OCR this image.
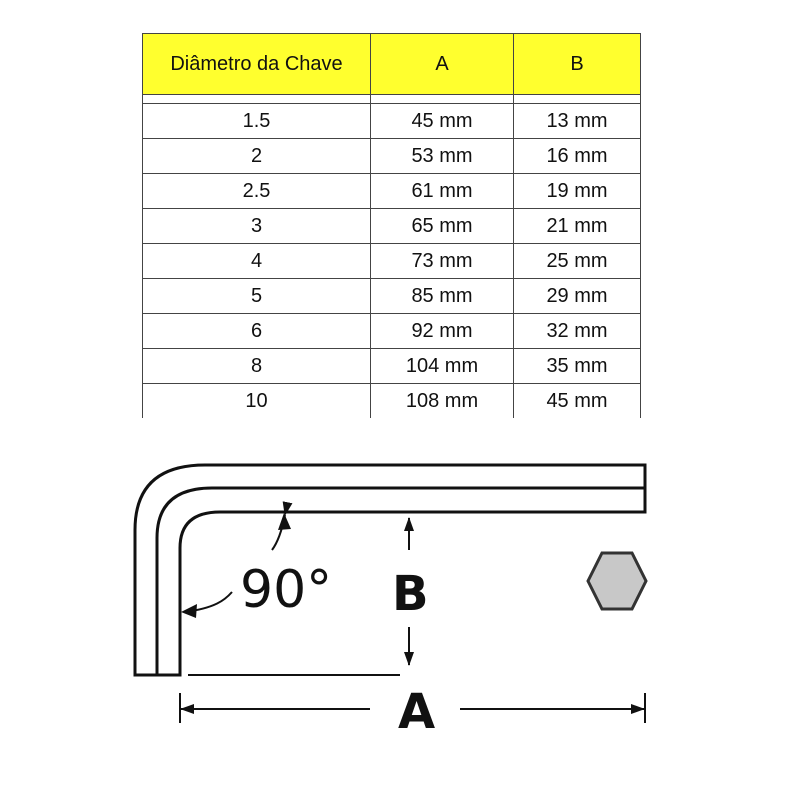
Diâmetro da Chave	A	B

1.5	45 mm	13 mm
2	53 mm	16 mm
2.5	61 mm	19 mm
3	65 mm	21 mm
4	73 mm	25 mm
5	85 mm	29 mm
6	92 mm	32 mm
8	104 mm	35 mm
10	108 mm	45 mm
90° B
A
